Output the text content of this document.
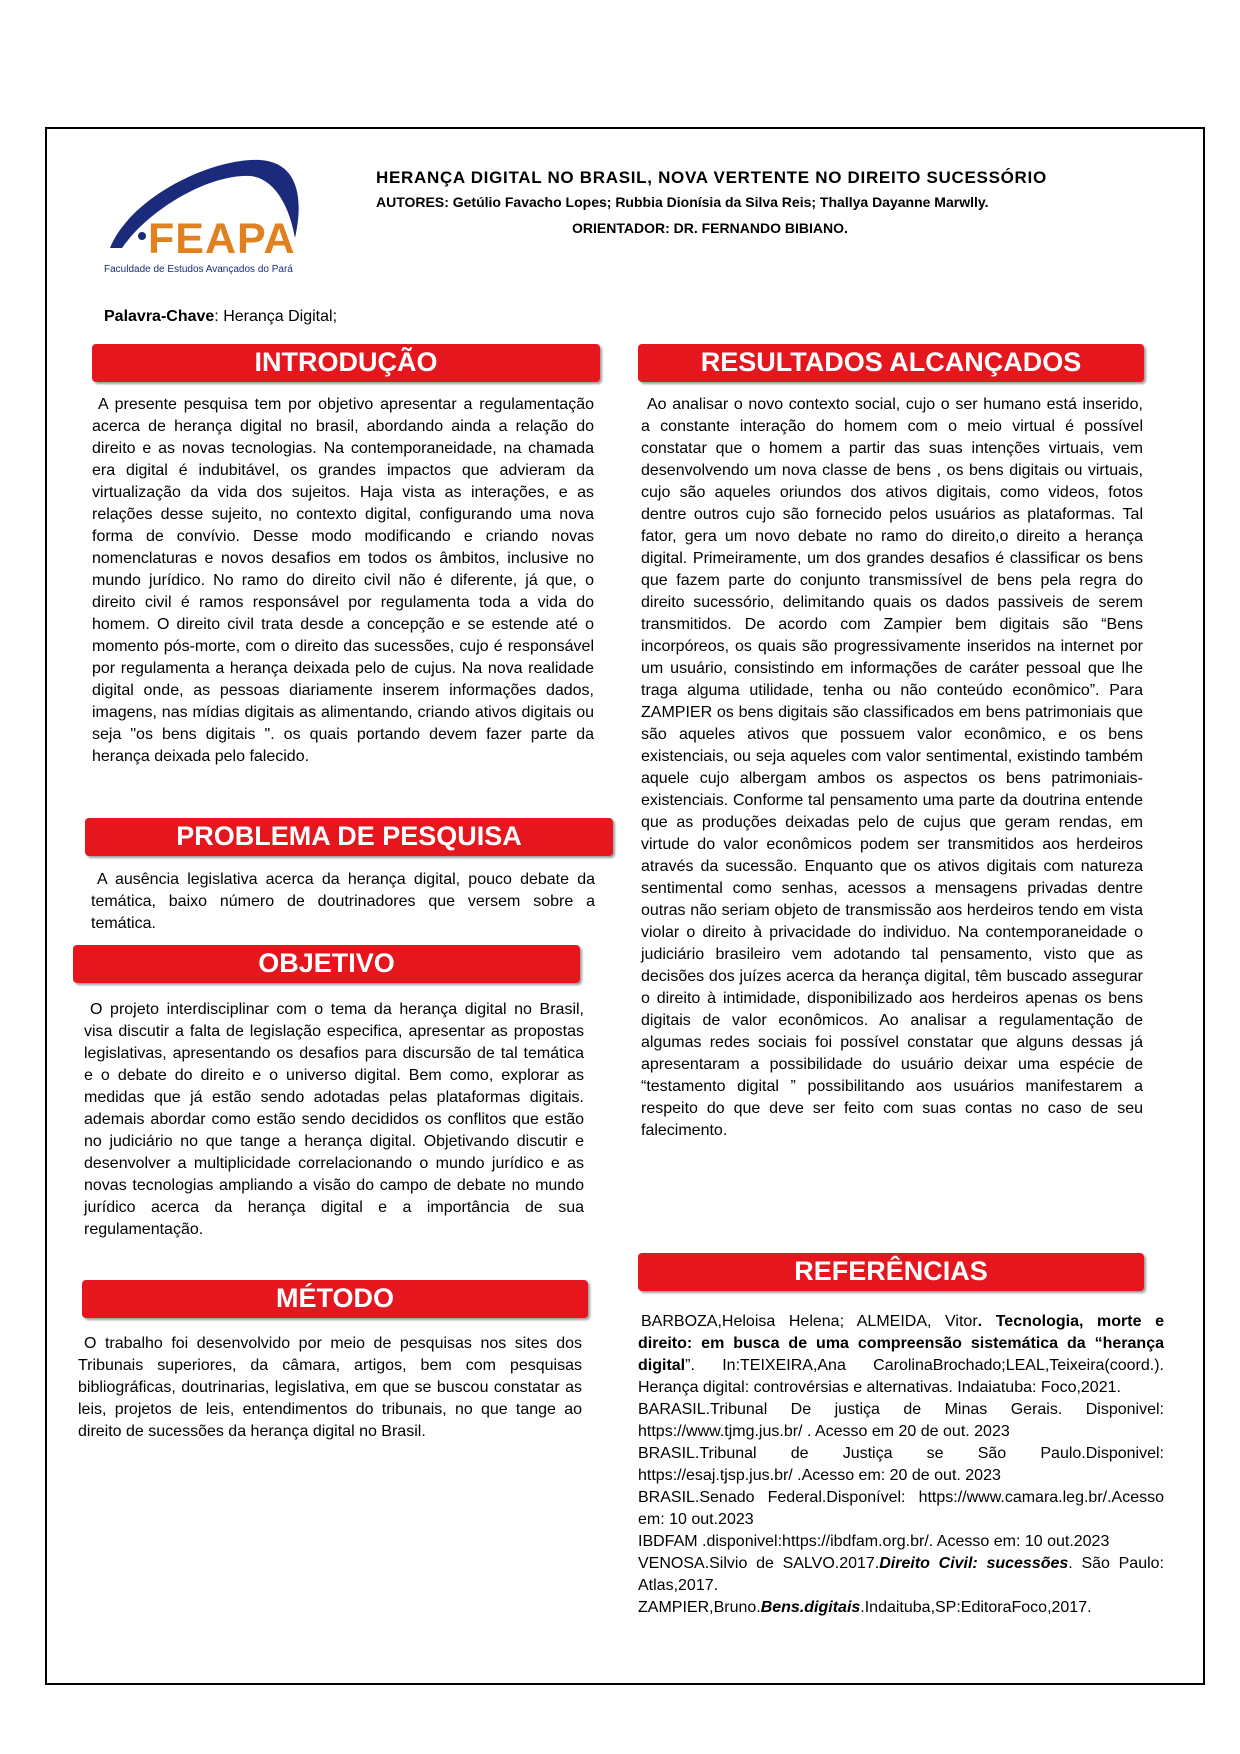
FEAPA
Faculdade de Estudos Avançados do Pará
HERANÇA DIGITAL NO BRASIL, NOVA VERTENTE NO DIREITO SUCESSÓRIO
AUTORES: Getúlio Favacho Lopes; Rubbia Dionísia da Silva Reis; Thallya Dayanne Marwlly.
ORIENTADOR: DR. FERNANDO BIBIANO.
Palavra-Chave: Herança Digital;
INTRODUÇÃO
A presente pesquisa tem por objetivo apresentar a regulamentação acerca de herança digital no brasil, abordando ainda a relação do direito e as novas tecnologias. Na contemporaneidade, na chamada era digital é indubitável, os grandes impactos que advieram da virtualização da vida dos sujeitos. Haja vista as interações, e as relações desse sujeito, no contexto digital, configurando uma nova forma de convívio. Desse modo modificando e criando novas nomenclaturas e novos desafios em todos os âmbitos, inclusive no mundo jurídico. No ramo do direito civil não é diferente, já que, o direito civil é ramos responsável por regulamenta toda a vida do homem. O direito civil trata desde a concepção e se estende até o momento pós-morte, com o direito das sucessões, cujo é responsável por regulamenta a herança deixada pelo de cujus. Na nova realidade digital onde, as pessoas diariamente inserem informações dados, imagens, nas mídias digitais as alimentando, criando ativos digitais ou seja "os bens digitais ". os quais portando devem fazer parte da herança deixada pelo falecido.
PROBLEMA DE PESQUISA
A ausência legislativa acerca da herança digital, pouco debate da temática, baixo número de doutrinadores que versem sobre a temática.
OBJETIVO
O projeto interdisciplinar com o tema da herança digital no Brasil, visa discutir a falta de legislação especifica, apresentar as propostas legislativas, apresentando os desafios para discursão de tal temática e o debate do direito e o universo digital. Bem como, explorar as medidas que já estão sendo adotadas pelas plataformas digitais. ademais abordar como estão sendo decididos os conflitos que estão no judiciário no que tange a herança digital. Objetivando discutir e desenvolver a multiplicidade correlacionando o mundo jurídico e as novas tecnologias ampliando a visão do campo de debate no mundo jurídico acerca da herança digital e a importância de sua regulamentação.
MÉTODO
O trabalho foi desenvolvido por meio de pesquisas nos sites dos Tribunais superiores, da câmara, artigos, bem com pesquisas bibliográficas, doutrinarias, legislativa, em que se buscou constatar as leis, projetos de leis, entendimentos do tribunais, no que tange ao direito de sucessões da herança digital no Brasil.
RESULTADOS ALCANÇADOS
Ao analisar o novo contexto social, cujo o ser humano está inserido, a constante interação do homem com o meio virtual é possível constatar que o homem a partir das suas intenções virtuais, vem desenvolvendo um nova classe de bens , os bens digitais ou virtuais, cujo são aqueles oriundos dos ativos digitais, como videos, fotos dentre outros cujo são fornecido pelos usuários as plataformas. Tal fator, gera um novo debate no ramo do direito,o direito a herança digital. Primeiramente, um dos grandes desafios é classificar os bens que fazem parte do conjunto transmissível de bens pela regra do direito sucessório, delimitando quais os dados passiveis de serem transmitidos. De acordo com Zampier bem digitais são “Bens incorpóreos, os quais são progressivamente inseridos na internet por um usuário, consistindo em informações de caráter pessoal que lhe traga alguma utilidade, tenha ou não conteúdo econômico”. Para ZAMPIER os bens digitais são classificados em bens patrimoniais que são aqueles ativos que possuem valor econômico, e os bens existenciais, ou seja aqueles com valor sentimental, existindo também aquele cujo albergam ambos os aspectos os bens patrimoniais-existenciais. Conforme tal pensamento uma parte da doutrina entende que as produções deixadas pelo de cujus que geram rendas, em virtude do valor econômicos podem ser transmitidos aos herdeiros através da sucessão. Enquanto que os ativos digitais com natureza sentimental como senhas, acessos a mensagens privadas dentre outras não seriam objeto de transmissão aos herdeiros tendo em vista violar o direito à privacidade do individuo. Na contemporaneidade o judiciário brasileiro vem adotando tal pensamento, visto que as decisões dos juízes acerca da herança digital, têm buscado assegurar o direito à intimidade, disponibilizado aos herdeiros apenas os bens digitais de valor econômicos. Ao analisar a regulamentação de algumas redes sociais foi possível constatar que alguns dessas já apresentaram a possibilidade do usuário deixar uma espécie de “testamento digital ” possibilitando aos usuários manifestarem a respeito do que deve ser feito com suas contas no caso de seu falecimento.
REFERÊNCIAS

BARBOZA,Heloisa Helena; ALMEIDA, Vitor. Tecnologia, morte e direito: em busca de uma compreensão sistemática da “herança digital”. In:TEIXEIRA,Ana CarolinaBrochado;LEAL,Teixeira(coord.). Herança digital: controvérsias e alternativas. Indaiatuba: Foco,2021.

BARASIL.Tribunal De justiça de Minas Gerais. Disponivel: https://www.tjmg.jus.br/ . Acesso em 20 de out. 2023

BRASIL.Tribunal de Justiça se São Paulo.Disponivel: https://esaj.tjsp.jus.br/ .Acesso em: 20 de out. 2023

BRASIL.Senado Federal.Disponível: https://www.camara.leg.br/.Acesso em: 10 out.2023

IBDFAM .disponivel:https://ibdfam.org.br/. Acesso em: 10 out.2023

VENOSA.Silvio de SALVO.2017.Direito Civil: sucessões. São Paulo: Atlas,2017.

ZAMPIER,Bruno.Bens.digitais.Indaituba,SP:EditoraFoco,2017.
